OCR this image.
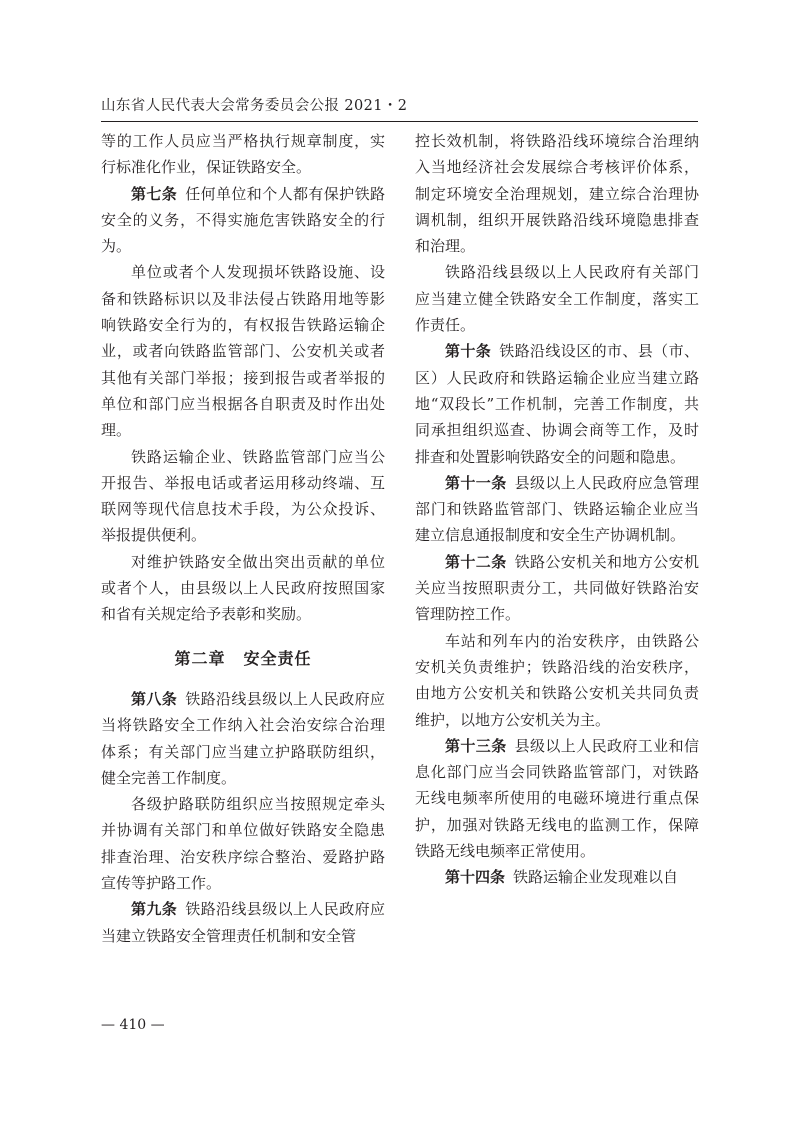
山东省人民代表大会常务委员会公报 2021・2

等的工作人员应当严格执行规章制度，实行标准化作业，保证铁路安全。

第七条 任何单位和个人都有保护铁路安全的义务，不得实施危害铁路安全的行为。

单位或者个人发现损坏铁路设施、设备和铁路标识以及非法侵占铁路用地等影响铁路安全行为的，有权报告铁路运输企业，或者向铁路监管部门、公安机关或者其他有关部门举报；接到报告或者举报的单位和部门应当根据各自职责及时作出处理。

铁路运输企业、铁路监管部门应当公开报告、举报电话或者运用移动终端、互联网等现代信息技术手段，为公众投诉、举报提供便利。

对维护铁路安全做出突出贡献的单位或者个人，由县级以上人民政府按照国家和省有关规定给予表彰和奖励。

第二章 安全责任

第八条 铁路沿线县级以上人民政府应当将铁路安全工作纳入社会治安综合治理体系；有关部门应当建立护路联防组织，健全完善工作制度。

各级护路联防组织应当按照规定牵头并协调有关部门和单位做好铁路安全隐患排查治理、治安秩序综合整治、爱路护路宣传等护路工作。

第九条 铁路沿线县级以上人民政府应当建立铁路安全管理责任机制和安全管

控长效机制，将铁路沿线环境综合治理纳入当地经济社会发展综合考核评价体系，制定环境安全治理规划，建立综合治理协调机制，组织开展铁路沿线环境隐患排查和治理。

铁路沿线县级以上人民政府有关部门应当建立健全铁路安全工作制度，落实工作责任。

第十条 铁路沿线设区的市、县（市、区）人民政府和铁路运输企业应当建立路地“双段长”工作机制，完善工作制度，共同承担组织巡查、协调会商等工作，及时排查和处置影响铁路安全的问题和隐患。

第十一条 县级以上人民政府应急管理部门和铁路监管部门、铁路运输企业应当建立信息通报制度和安全生产协调机制。

第十二条 铁路公安机关和地方公安机关应当按照职责分工，共同做好铁路治安管理防控工作。

车站和列车内的治安秩序，由铁路公安机关负责维护；铁路沿线的治安秩序，由地方公安机关和铁路公安机关共同负责维护，以地方公安机关为主。

第十三条 县级以上人民政府工业和信息化部门应当会同铁路监管部门，对铁路无线电频率所使用的电磁环境进行重点保护，加强对铁路无线电的监测工作，保障铁路无线电频率正常使用。

第十四条 铁路运输企业发现难以自

— 410 —
